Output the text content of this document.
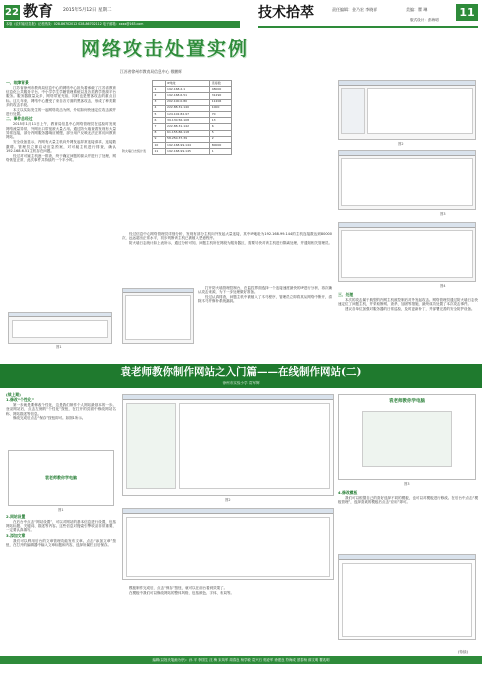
22 教育 2015年5月12日 星期二
本版《农村能信息报》记者热线：028-86702012 028-86702112 电子邮箱：xxxx@163.com
技术拾萃	责任编辑：金乃宏 李晓祥	美编：瞿 琳
版式设计：彭海明
11
网络攻击处置实例
江苏省徐州市教育局信息中心 敬鹏辉
一、故障背景

江苏省徐州市教育局信息中心的网络中心担负着承载了江苏省教育信息化公共服务平台、中小学学生学籍管理系统以及各类教学资源平台服务。服务器数量众多，网络带宽充裕，同时也是黑客攻击的重点目标。这几年来，网络中心遭受了来自各方面的黑客攻击，形成了种类繁多的攻击手段。

本文以实际发生的一起网络攻击为例，介绍如何快速定位攻击源并进行处置。

二、事件总经过

2015年1月11日上午，教育局信息中心网络管理员在巡检时发现网络流量异常，外网出口带宽被大量占用。通过防火墙查看发现有大量异常连接，部分内网服务器响应缓慢，部分用户反映无法正常访问教育网站。

安全设备显示，内网有大量主机向外网发起异常连接请求，连接数激增。管理员立即启动应急预案，对可疑主机进行排查，确认192.168.6.51主机存在问题。

经过对可疑主机逐一排查，终于确定问题的源头并进行了处理，网络恢复正常，此次事件共持续约一个半小时。

图1
防火墙日志统计表
	IP地址	连接数
1	192.168.2.1	48000
2	192.168.6.51	31290
3	202.100.0.80	11206
4	222.88.31.140	1000
5	124.102.82.97	70
6	39.130.56.108	13
7	222.88.31.142	6
8	61.155.86.118	5
9	58.250.37.39	2
10	192.168.99.144	80000
11	192.168.99.145	1
图2
图3

经过信息中心网络管理员详细分析，发现有部分主机向外发起大量连接，其中IP地址为192.168.99.144的主机连接数达到80000次，远远超出正常水平，初步判断该主机已被植入恶意程序。

防火墙日志统计如上表所示，通过分析可知，问题主机所在网段为服务器区，需要尽快对该主机进行隔离处理，并通知相关管理员。

打开防火墙管理控制台，在监控界面选择一个连接速度最快的IP进行分析，再次确认攻击来源，为下一步处理做好准备。

经过认真排查，问题主机中被植入了木马程序，管理员立即将其从网络中断开，清除木马并修补系统漏洞。

图4
三、处理

本次的攻击属于典型的内网主机被控制后对外发起攻击。网络管理员通过防火墙日志快速定位了问题主机，并采取断网、查杀、加固等措施，最终成功处置了本次攻击事件。

建议各单位加强对服务器的日常巡检，及时更新补丁，并部署完善的安全防护设备。

袁老师教你制作网站之入门篇——在线制作网站(二)
徐州市实验小学 袁军辉
(续上期)
1.修改“个性化”

第一步就是要修改个性化，这是我们制作个人网站最基本的一步。登录网站后，点击左侧的“个性化”按钮，在打开的页面中修改网站名称、网站描述等信息。

修改完成后点击“保存”按钮即可。如图1所示。

袁老师教你学电脑
图1
2.网站设置

在后台中点击“网站设置”，可以对网站的基本信息进行设置，包括网站标题、关键词、描述等内容。这些信息对搜索引擎收录非常重要，一定要认真填写。

3.添加文章

我们可以利用后台的文章管理功能发布文章。点击“添加文章”按钮，在打开的编辑器中输入文章标题和内容，选择所属栏目后保存。

图2

模板制作完成后，点击“保存”按钮，就可以在前台看到效果了。

在模板中我们可以修改网站的整体风格，包括颜色、字体、布局等。

袁老师教你学电脑
图3
4.修改模板

我们可以根据自己的喜好选择不同的模板，也可以对模板进行修改。在后台中点击“模板管理”，选择喜欢的模板后点击“应用”即可。

(待续)
编辑(以姓氏笔画为序)：孙 平 李国生 沈 梅 宋凤军 周春良 杨学敏 袁兴石 郭爱军 徐建良 符海成 蔡泰杨 薛文明 瞿兆明
